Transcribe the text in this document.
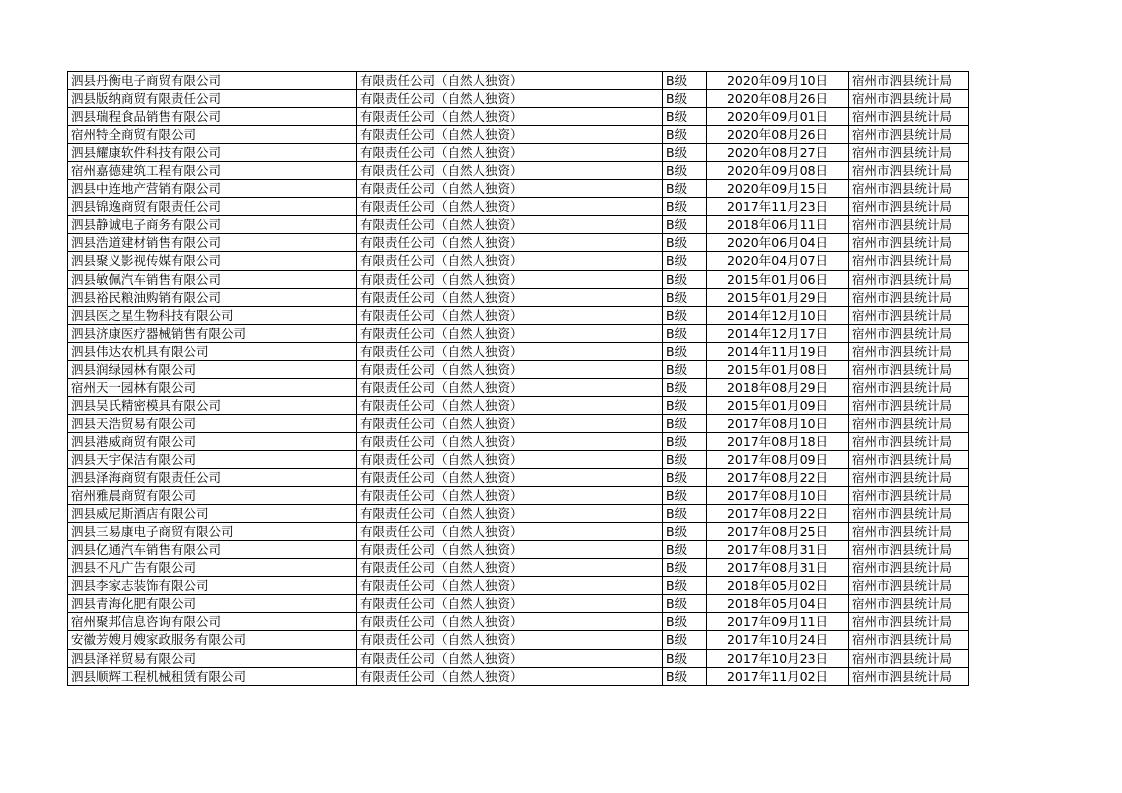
泗县丹衡电子商贸有限公司	有限责任公司（自然人独资）	B级	2020年09月10日	宿州市泗县统计局
泗县版纳商贸有限责任公司	有限责任公司（自然人独资）	B级	2020年08月26日	宿州市泗县统计局
泗县瑞程食品销售有限公司	有限责任公司（自然人独资）	B级	2020年09月01日	宿州市泗县统计局
宿州特全商贸有限公司	有限责任公司（自然人独资）	B级	2020年08月26日	宿州市泗县统计局
泗县耀康软件科技有限公司	有限责任公司（自然人独资）	B级	2020年08月27日	宿州市泗县统计局
宿州嘉德建筑工程有限公司	有限责任公司（自然人独资）	B级	2020年09月08日	宿州市泗县统计局
泗县中连地产营销有限公司	有限责任公司（自然人独资）	B级	2020年09月15日	宿州市泗县统计局
泗县锦逸商贸有限责任公司	有限责任公司（自然人独资）	B级	2017年11月23日	宿州市泗县统计局
泗县静诚电子商务有限公司	有限责任公司（自然人独资）	B级	2018年06月11日	宿州市泗县统计局
泗县浩道建材销售有限公司	有限责任公司（自然人独资）	B级	2020年06月04日	宿州市泗县统计局
泗县聚义影视传媒有限公司	有限责任公司（自然人独资）	B级	2020年04月07日	宿州市泗县统计局
泗县敏佩汽车销售有限公司	有限责任公司（自然人独资）	B级	2015年01月06日	宿州市泗县统计局
泗县裕民粮油购销有限公司	有限责任公司（自然人独资）	B级	2015年01月29日	宿州市泗县统计局
泗县医之星生物科技有限公司	有限责任公司（自然人独资）	B级	2014年12月10日	宿州市泗县统计局
泗县济康医疗器械销售有限公司	有限责任公司（自然人独资）	B级	2014年12月17日	宿州市泗县统计局
泗县伟达农机具有限公司	有限责任公司（自然人独资）	B级	2014年11月19日	宿州市泗县统计局
泗县润绿园林有限公司	有限责任公司（自然人独资）	B级	2015年01月08日	宿州市泗县统计局
宿州天一园林有限公司	有限责任公司（自然人独资）	B级	2018年08月29日	宿州市泗县统计局
泗县吴氏精密模具有限公司	有限责任公司（自然人独资）	B级	2015年01月09日	宿州市泗县统计局
泗县天浩贸易有限公司	有限责任公司（自然人独资）	B级	2017年08月10日	宿州市泗县统计局
泗县港威商贸有限公司	有限责任公司（自然人独资）	B级	2017年08月18日	宿州市泗县统计局
泗县天宇保洁有限公司	有限责任公司（自然人独资）	B级	2017年08月09日	宿州市泗县统计局
泗县泽海商贸有限责任公司	有限责任公司（自然人独资）	B级	2017年08月22日	宿州市泗县统计局
宿州雅晨商贸有限公司	有限责任公司（自然人独资）	B级	2017年08月10日	宿州市泗县统计局
泗县威尼斯酒店有限公司	有限责任公司（自然人独资）	B级	2017年08月22日	宿州市泗县统计局
泗县三易康电子商贸有限公司	有限责任公司（自然人独资）	B级	2017年08月25日	宿州市泗县统计局
泗县亿通汽车销售有限公司	有限责任公司（自然人独资）	B级	2017年08月31日	宿州市泗县统计局
泗县不凡广告有限公司	有限责任公司（自然人独资）	B级	2017年08月31日	宿州市泗县统计局
泗县李家志装饰有限公司	有限责任公司（自然人独资）	B级	2018年05月02日	宿州市泗县统计局
泗县青海化肥有限公司	有限责任公司（自然人独资）	B级	2018年05月04日	宿州市泗县统计局
宿州聚邦信息咨询有限公司	有限责任公司（自然人独资）	B级	2017年09月11日	宿州市泗县统计局
安徽芳嫂月嫂家政服务有限公司	有限责任公司（自然人独资）	B级	2017年10月24日	宿州市泗县统计局
泗县泽祥贸易有限公司	有限责任公司（自然人独资）	B级	2017年10月23日	宿州市泗县统计局
泗县顺辉工程机械租赁有限公司	有限责任公司（自然人独资）	B级	2017年11月02日	宿州市泗县统计局
